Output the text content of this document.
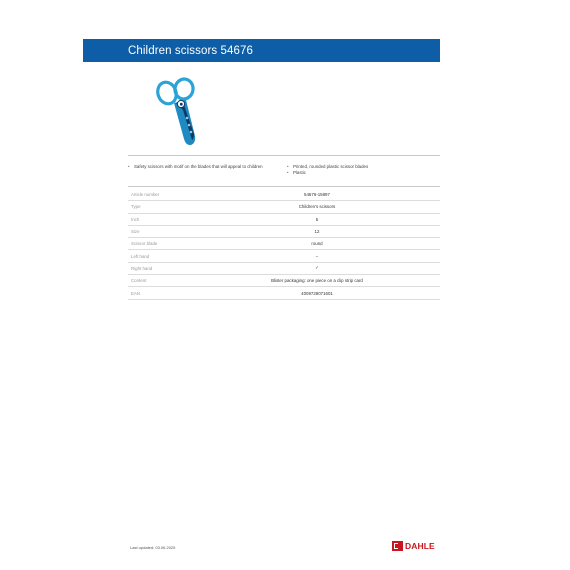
Children scissors 54676
•	Safety scissors with motif on the blades that will appeal to children	•	Printed, rounded plastic scissor blades
•	Plastic
Article number	54676-15897
Type	Children's scissors
Inch	5
Size	12
Scissor blade	round
Left hand	–
Right hand	✓
Content	Blister packaging: one piece on a clip strip card
EAN	4009729071601
Last updated: 03.06.2025	DAHLE
